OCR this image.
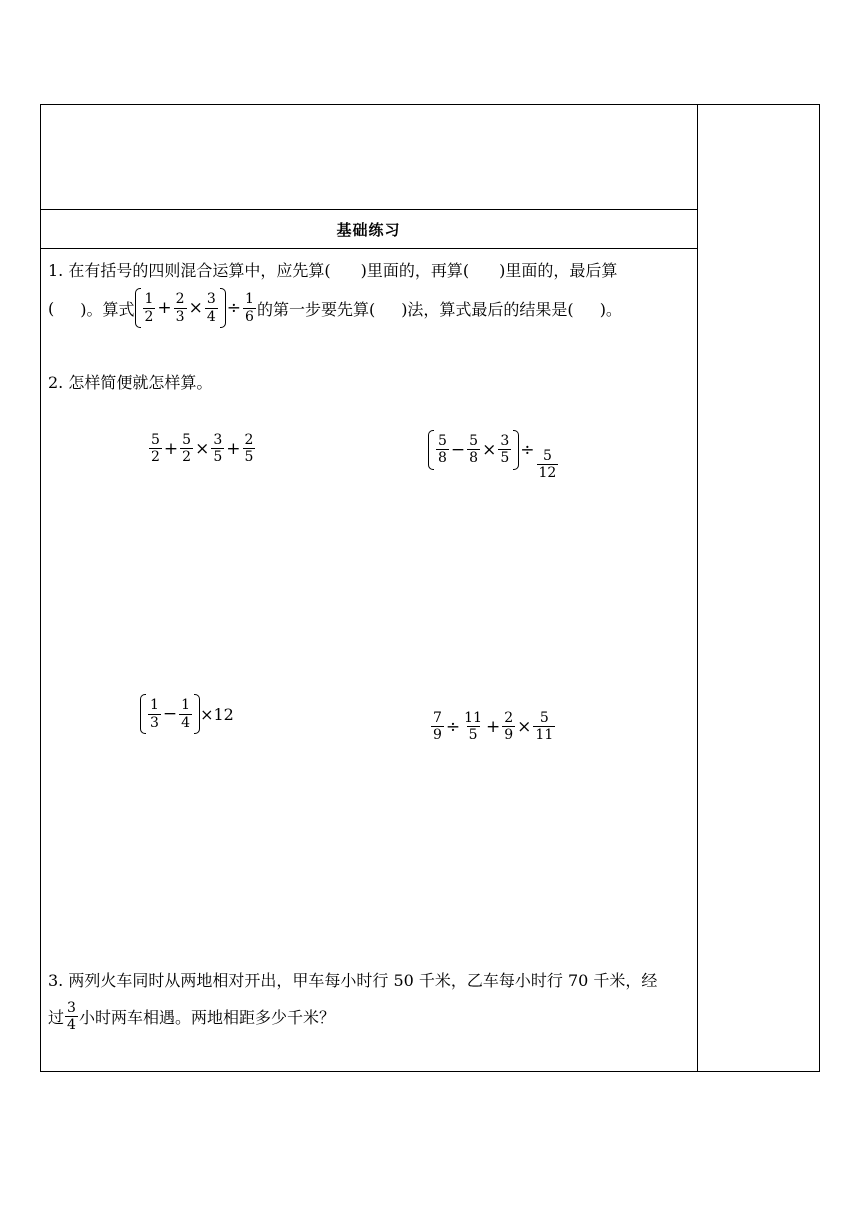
基础练习
1. 在有括号的四则混合运算中，应先算( )里面的，再算( )里面的，最后算
( )。算式 $\frac{1}{2} + \frac{2}{3} \times \frac{3}{4} \div \frac{1}{6}$ 的第一步要先算( )法，算式最后的结果是( )。
2. 怎样简便就怎样算。
$\frac{5}{2} + \frac{5}{2} \times \frac{3}{5} + \frac{2}{5}$	$\frac{5}{8} - \frac{5}{8} \times \frac{3}{5} \div \frac{5}{12}$
$\frac{1}{3} - \frac{1}{4} \times 12$	$\frac{7}{9} \div \frac{11}{5} + \frac{2}{9} \times \frac{5}{11}$
3. 两列火车同时从两地相对开出，甲车每小时行 50 千米，乙车每小时行 70 千米，经
过 $\frac{3}{4}$ 小时两车相遇。两地相距多少千米？
